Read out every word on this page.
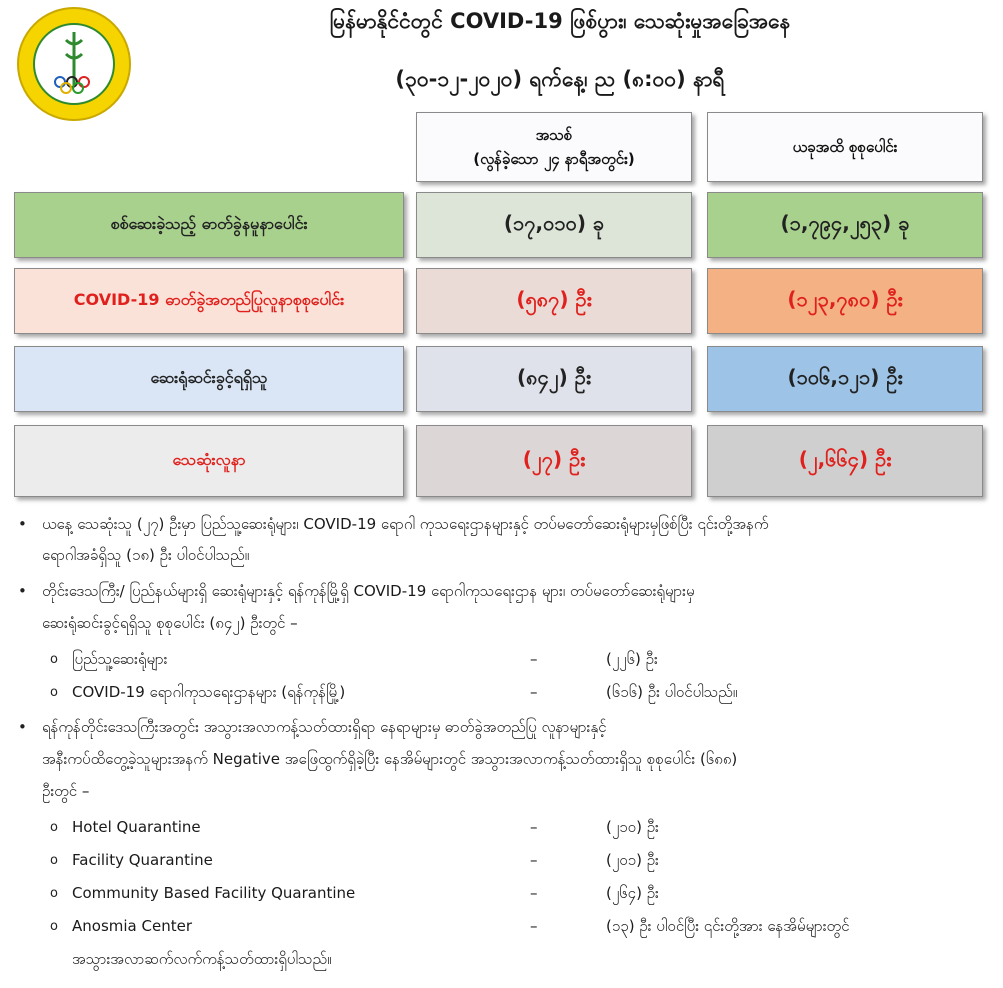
မြန်မာနိုင်ငံတွင် COVID-19 ဖြစ်ပွား၊ သေဆုံးမှုအခြေအနေ
(၃၀-၁၂-၂၀၂၀) ရက်နေ့၊ ည (၈:၀၀) နာရီ
အသစ်
(လွန်ခဲ့သော ၂၄ နာရီအတွင်း)
ယခုအထိ စုစုပေါင်း
စစ်ဆေးခဲ့သည့် ဓာတ်ခွဲနမူနာပေါင်း	(၁၇,၀၁၀) ခု	(၁,၇၉၄,၂၅၃) ခု
COVID-19 ဓာတ်ခွဲအတည်ပြုလူနာစုစုပေါင်း	(၅၈၇) ဦး	(၁၂၃,၇၈၀) ဦး
ဆေးရုံဆင်းခွင့်ရရှိသူ	(၈၄၂) ဦး	(၁၀၆,၁၂၁) ဦး
သေဆုံးလူနာ	(၂၇) ဦး	(၂,၆၆၄) ဦး
• ယနေ့ သေဆုံးသူ (၂၇) ဦးမှာ ပြည်သူ့ဆေးရုံများ၊ COVID-19 ရောဂါ ကုသရေးဌာနများနှင့် တပ်မတော်ဆေးရုံများမှဖြစ်ပြီး ၎င်းတို့အနက်
ရောဂါအခံရှိသူ (၁၈) ဦး ပါဝင်ပါသည်။
• တိုင်းဒေသကြီး/ ပြည်နယ်များရှိ ဆေးရုံများနှင့် ရန်ကုန်မြို့ရှိ COVID-19 ရောဂါကုသရေးဌာန များ၊ တပ်မတော်ဆေးရုံများမှ
ဆေးရုံဆင်းခွင့်ရရှိသူ စုစုပေါင်း (၈၄၂) ဦးတွင် –
o ပြည်သူ့ဆေးရုံများ	–	(၂၂၆) ဦး
o COVID-19 ရောဂါကုသရေးဌာနများ (ရန်ကုန်မြို့)	–	(၆၁၆) ဦး ပါဝင်ပါသည်။
• ရန်ကုန်တိုင်းဒေသကြီးအတွင်း အသွားအလာကန့်သတ်ထားရှိရာ နေရာများမှ ဓာတ်ခွဲအတည်ပြု လူနာများနှင့်
အနီးကပ်ထိတွေ့ခဲ့သူများအနက် Negative အဖြေထွက်ရှိခဲ့ပြီး နေအိမ်များတွင် အသွားအလာကန့်သတ်ထားရှိသူ စုစုပေါင်း (၆၈၈)
ဦးတွင် –
o Hotel Quarantine	–	(၂၁၀) ဦး
o Facility Quarantine	–	(၂၀၁) ဦး
o Community Based Facility Quarantine	–	(၂၆၄) ဦး
o Anosmia Center	–	(၁၃) ဦး ပါဝင်ပြီး ၎င်းတို့အား နေအိမ်များတွင်
အသွားအလာဆက်လက်ကန့်သတ်ထားရှိပါသည်။
